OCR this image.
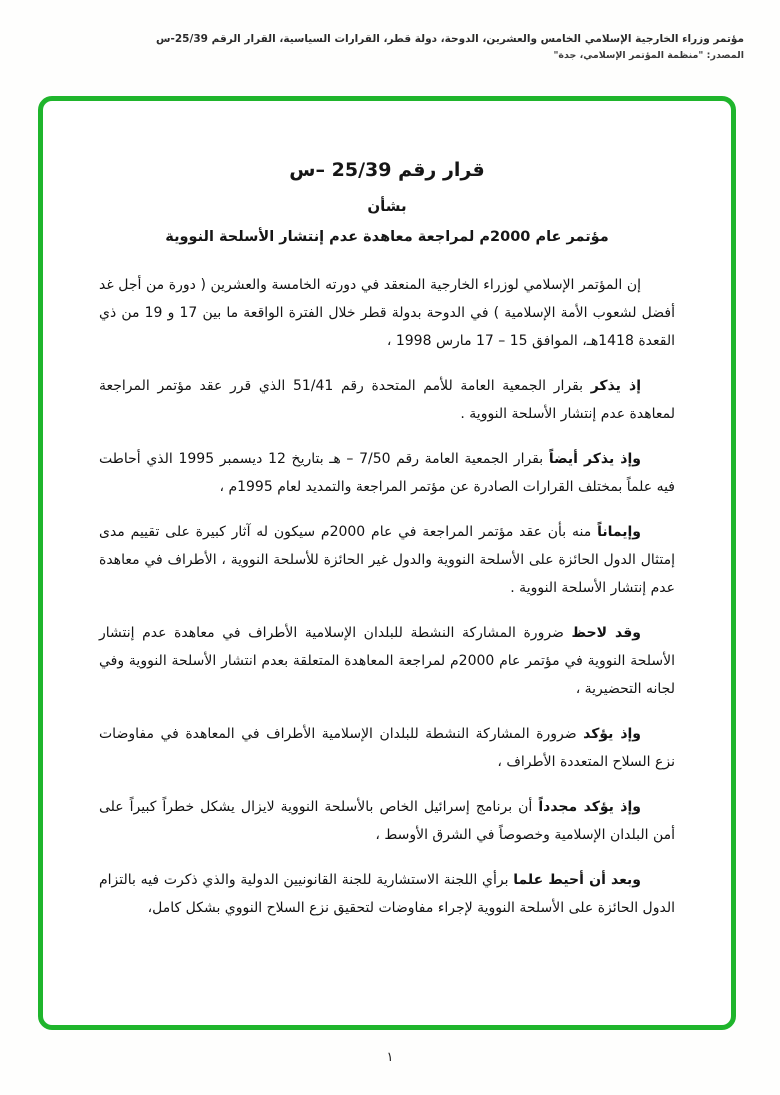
مؤتمر وزراء الخارجية الإسلامي الخامس والعشرين، الدوحة، دولة قطر، القرارات السياسية، القرار الرقم 25/39-س
المصدر: "منظمة المؤتمر الإسلامي، جدة"
قرار رقم 25/39 –س
بشأن
مؤتمر عام 2000م لمراجعة معاهدة عدم إنتشار الأسلحة النووية

إن المؤتمر الإسلامي لوزراء الخارجية المنعقد في دورته الخامسة والعشرين ( دورة من أجل غد أفضل لشعوب الأمة الإسلامية ) في الدوحة بدولة قطر خلال الفترة الواقعة ما بين 17 و 19 من ذي القعدة 1418هـ، الموافق 15 – 17 مارس 1998 ،

إذ يذكر بقرار الجمعية العامة للأمم المتحدة رقم 51/41 الذي قرر عقد مؤتمر المراجعة لمعاهدة عدم إنتشار الأسلحة النووية .

وإذ يذكر أيضاً بقرار الجمعية العامة رقم 7/50 – هـ بتاريخ 12 ديسمبر 1995 الذي أحاطت فيه علماً بمختلف القرارات الصادرة عن مؤتمر المراجعة والتمديد لعام 1995م ،

وإيماناً منه بأن عقد مؤتمر المراجعة في عام 2000م سيكون له آثار كبيرة على تقييم مدى إمتثال الدول الحائزة على الأسلحة النووية والدول غير الحائزة للأسلحة النووية ، الأطراف في معاهدة عدم إنتشار الأسلحة النووية .

وقد لاحظ ضرورة المشاركة النشطة للبلدان الإسلامية الأطراف في معاهدة عدم إنتشار الأسلحة النووية في مؤتمر عام 2000م لمراجعة المعاهدة المتعلقة بعدم انتشار الأسلحة النووية وفي لجانه التحضيرية ،

وإذ يؤكد ضرورة المشاركة النشطة للبلدان الإسلامية الأطراف في المعاهدة في مفاوضات نزع السلاح المتعددة الأطراف ،

وإذ يؤكد مجدداً أن برنامج إسرائيل الخاص بالأسلحة النووية لايزال يشكل خطراً كبيراً على أمن البلدان الإسلامية وخصوصاً في الشرق الأوسط ،

وبعد أن أحيط علما برأي اللجنة الاستشارية للجنة القانونيين الدولية والذي ذكرت فيه بالتزام الدول الحائزة على الأسلحة النووية لإجراء مفاوضات لتحقيق نزع السلاح النووي بشكل كامل،

١
